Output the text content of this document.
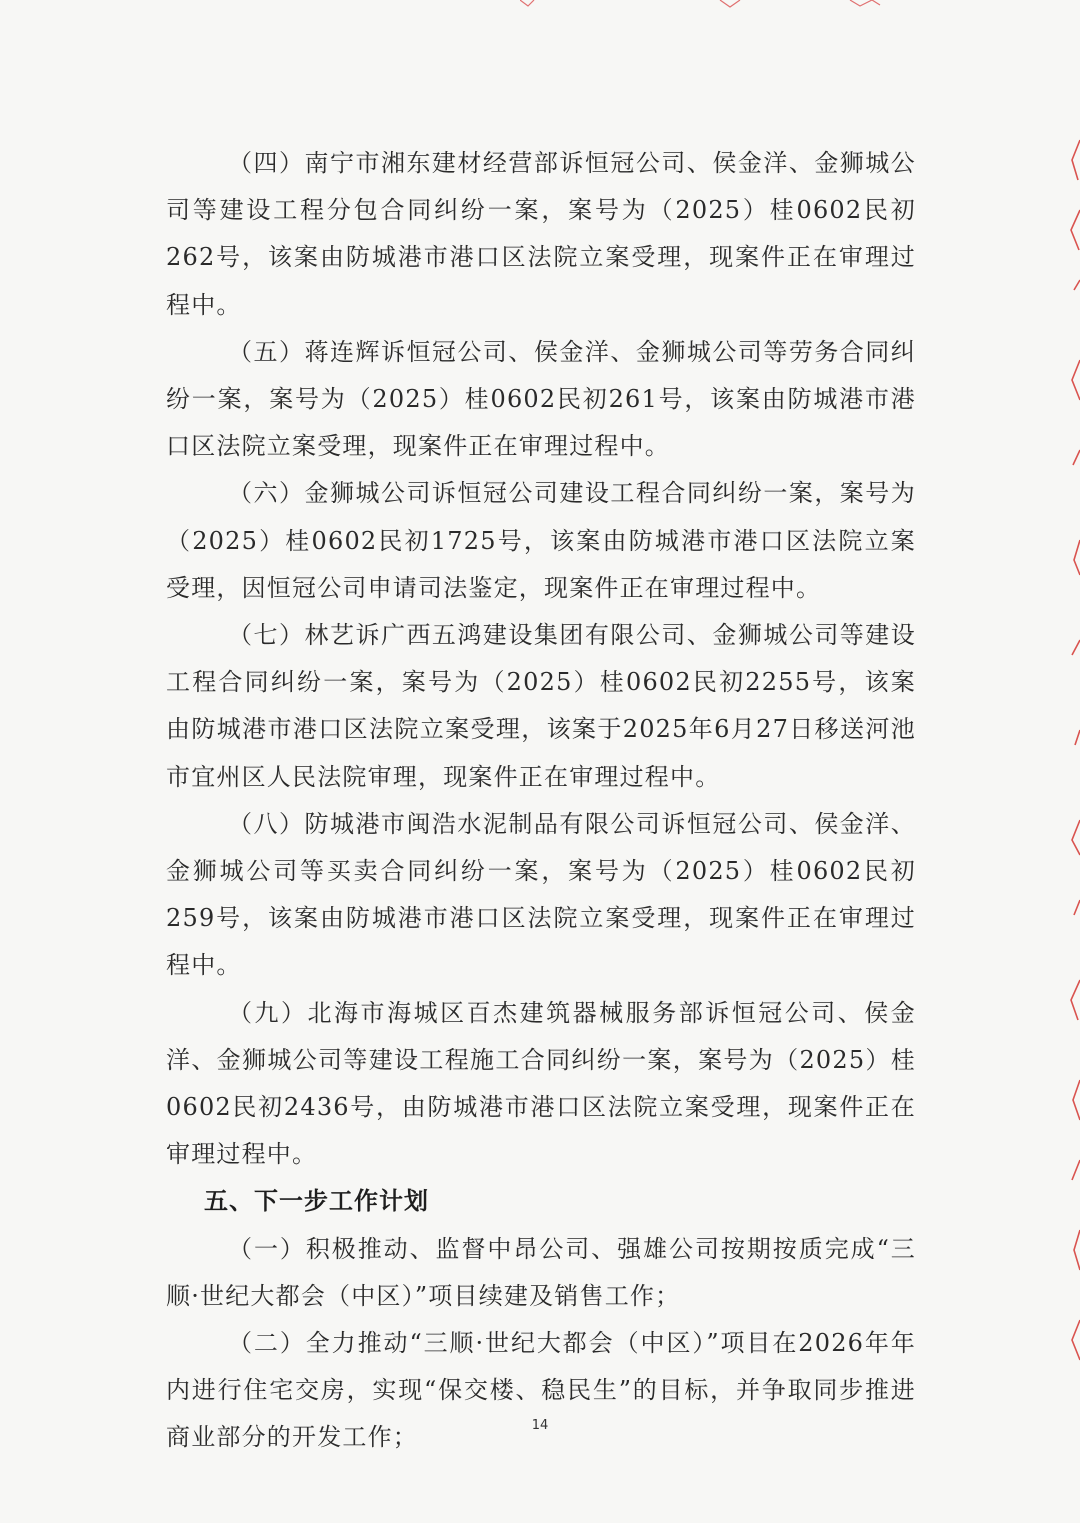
（四）南宁市湘东建材经营部诉恒冠公司、侯金洋、金狮城公司等建设工程分包合同纠纷一案，案号为（2025）桂0602民初262号，该案由防城港市港口区法院立案受理，现案件正在审理过程中。

（五）蒋连辉诉恒冠公司、侯金洋、金狮城公司等劳务合同纠纷一案，案号为（2025）桂0602民初261号，该案由防城港市港口区法院立案受理，现案件正在审理过程中。

（六）金狮城公司诉恒冠公司建设工程合同纠纷一案，案号为（2025）桂0602民初1725号，该案由防城港市港口区法院立案受理，因恒冠公司申请司法鉴定，现案件正在审理过程中。

（七）林艺诉广西五鸿建设集团有限公司、金狮城公司等建设工程合同纠纷一案，案号为（2025）桂0602民初2255号，该案由防城港市港口区法院立案受理，该案于2025年6月27日移送河池市宜州区人民法院审理，现案件正在审理过程中。

（八）防城港市闽浩水泥制品有限公司诉恒冠公司、侯金洋、金狮城公司等买卖合同纠纷一案，案号为（2025）桂0602民初259号，该案由防城港市港口区法院立案受理，现案件正在审理过程中。

（九）北海市海城区百杰建筑器械服务部诉恒冠公司、侯金洋、金狮城公司等建设工程施工合同纠纷一案，案号为（2025）桂0602民初2436号，由防城港市港口区法院立案受理，现案件正在审理过程中。

五、下一步工作计划

（一）积极推动、监督中昂公司、强雄公司按期按质完成“三顺·世纪大都会（中区）”项目续建及销售工作；

（二）全力推动“三顺·世纪大都会（中区）”项目在2026年年内进行住宅交房，实现“保交楼、稳民生”的目标，并争取同步推进商业部分的开发工作；	14
